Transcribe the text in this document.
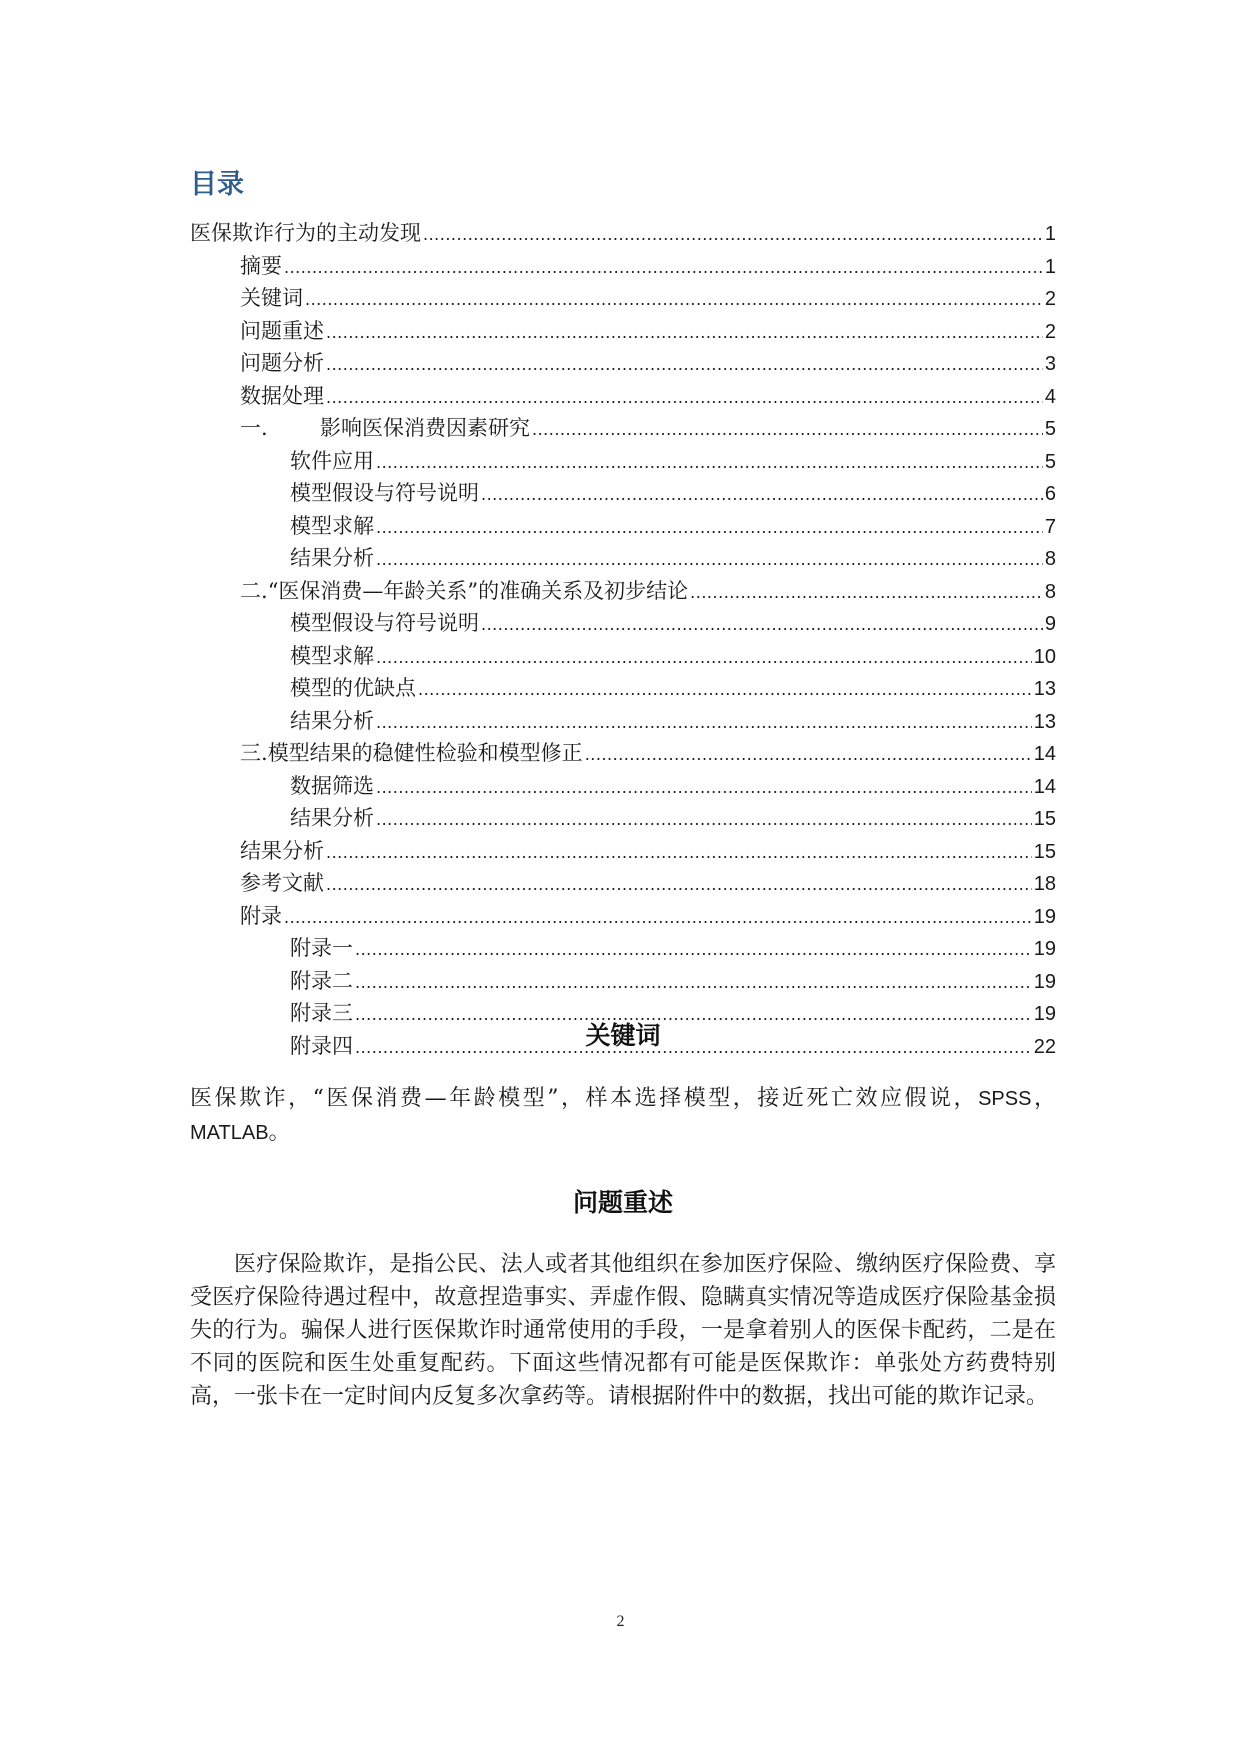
目录
医保欺诈行为的主动发现 .....	1
摘要 .....	1
关键词 .....	2
问题重述 .....	2
问题分析 .....	3
数据处理 .....	4
一.	影响医保消费因素研究 .....	5
软件应用 .....	5
模型假设与符号说明 .....	6
模型求解 .....	7
结果分析 .....	8
二. “医保消费—年龄关系”的准确关系及初步结论 .....	8
模型假设与符号说明 .....	9
模型求解 .....	10
模型的优缺点 .....	13
结果分析 .....	13
三. 模型结果的稳健性检验和模型修正 .....	14
数据筛选 .....	14
结果分析 .....	15
结果分析 .....	15
参考文献 .....	18
附录 .....	19
附录一 .....	19
附录二 .....	19
附录三 .....	19
附录四 .....	22
关键词

医保欺诈，“医保消费—年龄模型”，样本选择模型，接近死亡效应假说，SPSS，MATLAB。

问题重述

医疗保险欺诈，是指公民、法人或者其他组织在参加医疗保险、缴纳医疗保险费、享受医疗保险待遇过程中，故意捏造事实、弄虚作假、隐瞒真实情况等造成医疗保险基金损失的行为。骗保人进行医保欺诈时通常使用的手段，一是拿着别人的医保卡配药，二是在不同的医院和医生处重复配药。下面这些情况都有可能是医保欺诈：单张处方药费特别高，一张卡在一定时间内反复多次拿药等。请根据附件中的数据，找出可能的欺诈记录。

2
